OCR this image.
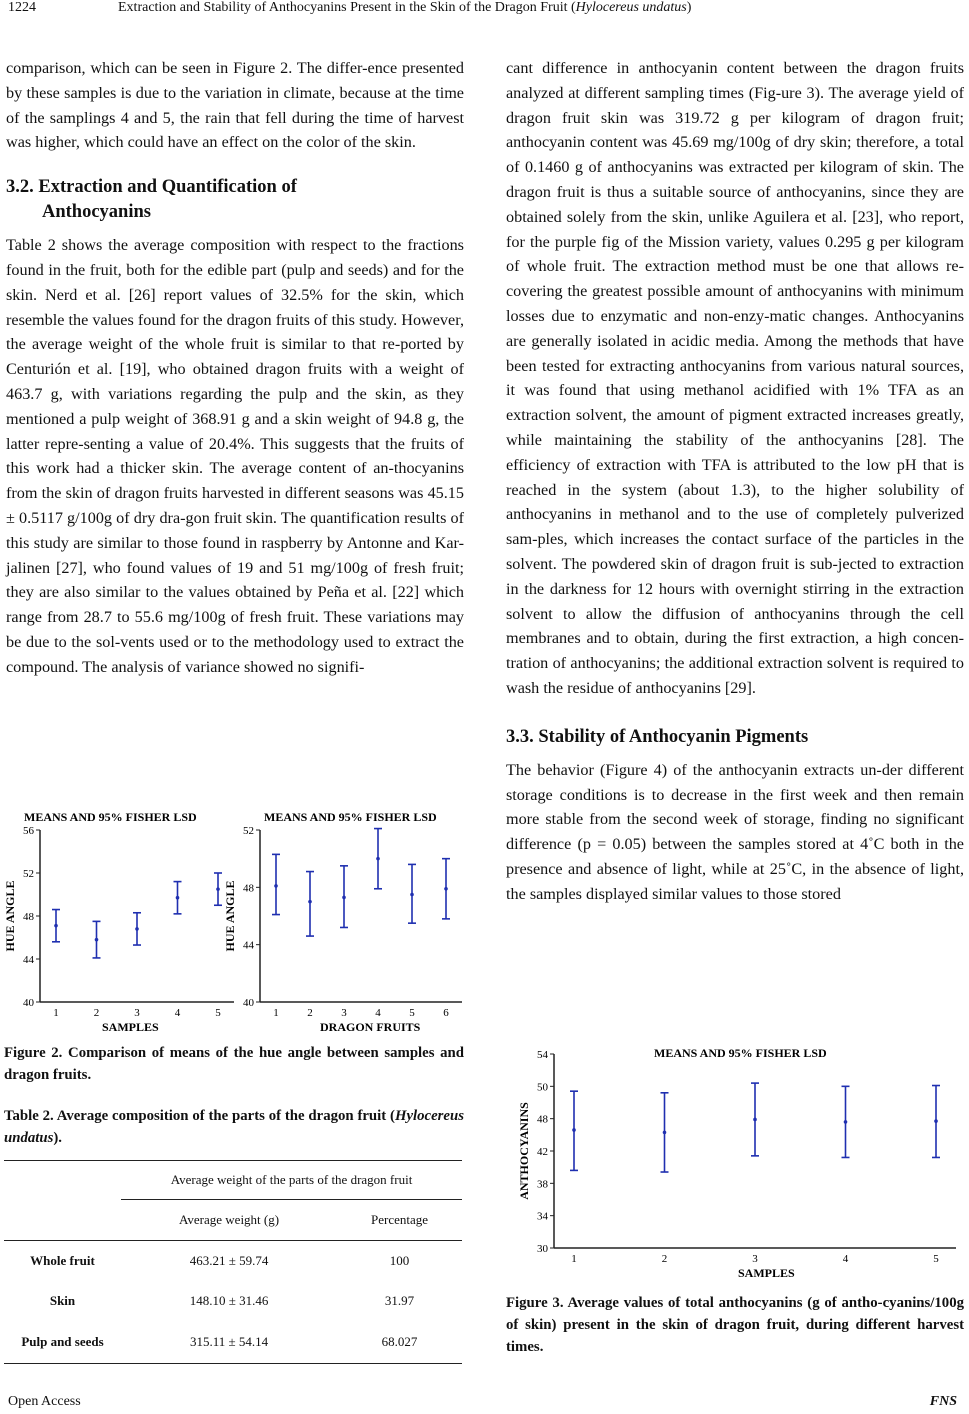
1224	Extraction and Stability of Anthocyanins Present in the Skin of the Dragon Fruit (Hylocereus undatus)

comparison, which can be seen in Figure 2. The differ-ence presented by these samples is due to the variation in climate, because at the time of the samplings 4 and 5, the rain that fell during the time of harvest was higher, which could have an effect on the color of the skin.

3.2. Extraction and Quantification of
Anthocyanins

Table 2 shows the average composition with respect to the fractions found in the fruit, both for the edible part (pulp and seeds) and for the skin. Nerd et al. [26] report values of 32.5% for the skin, which resemble the values found for the dragon fruits of this study. However, the average weight of the whole fruit is similar to that re-ported by Centurión et al. [19], who obtained dragon fruits with a weight of 463.7 g, with variations regarding the pulp and the skin, as they mentioned a pulp weight of 368.91 g and a skin weight of 94.8 g, the latter repre-senting a value of 20.4%. This suggests that the fruits of this work had a thicker skin. The average content of an-thocyanins from the skin of dragon fruits harvested in different seasons was 45.15 ± 0.5117 g/100g of dry dra-gon fruit skin. The quantification results of this study are similar to those found in raspberry by Antonne and Kar-jalinen [27], who found values of 19 and 51 mg/100g of fresh fruit; they are also similar to the values obtained by Peña et al. [22] which range from 28.7 to 55.6 mg/100g of fresh fruit. These variations may be due to the sol-vents used or to the methodology used to extract the compound. The analysis of variance showed no signifi-

MEANS AND 95% FISHER LSD
40
44
48
52
56
1	2	3	4	5
SAMPLES
HUE ANGLE
MEANS AND 95% FISHER LSD
40
44
48
52
1	2	3	4	5	6
DRAGON FRUITS
HUE ANGLE
Figure 2. Comparison of means of the hue angle between samples and dragon fruits.
Table 2. Average composition of the parts of the dragon fruit (Hylocereus undatus).
	Average weight of the parts of the dragon fruit	
	Average weight (g)	Percentage
Whole fruit	463.21 ± 59.74	100
Skin	148.10 ± 31.46	31.97
Pulp and seeds	315.11 ± 54.14	68.027

cant difference in anthocyanin content between the dragon fruits analyzed at different sampling times (Fig-ure 3). The average yield of dragon fruit skin was 319.72 g per kilogram of dragon fruit; anthocyanin content was 45.69 mg/100g of dry skin; therefore, a total of 0.1460 g of anthocyanins was extracted per kilogram of skin. The dragon fruit is thus a suitable source of anthocyanins, since they are obtained solely from the skin, unlike Aguilera et al. [23], who report, for the purple fig of the Mission variety, values 0.295 g per kilogram of whole fruit. The extraction method must be one that allows re-covering the greatest possible amount of anthocyanins with minimum losses due to enzymatic and non-enzy-matic changes. Anthocyanins are generally isolated in acidic media. Among the methods that have been tested for extracting anthocyanins from various natural sources, it was found that using methanol acidified with 1% TFA as an extraction solvent, the amount of pigment extracted increases greatly, while maintaining the stability of the anthocyanins [28]. The efficiency of extraction with TFA is attributed to the low pH that is reached in the system (about 1.3), to the higher solubility of anthocyanins in methanol and to the use of completely pulverized sam-ples, which increases the contact surface of the particles in the solvent. The powdered skin of dragon fruit is sub-jected to extraction in the darkness for 12 hours with overnight stirring in the extraction solvent to allow the diffusion of anthocyanins through the cell membranes and to obtain, during the first extraction, a high concen-tration of anthocyanins; the additional extraction solvent is required to wash the residue of anthocyanins [29].

3.3. Stability of Anthocyanin Pigments

The behavior (Figure 4) of the anthocyanin extracts un-der different storage conditions is to decrease in the first week and then remain more stable from the second week of storage, finding no significant difference (p = 0.05) between the samples stored at 4˚C both in the presence and absence of light, while at 25˚C, in the absence of light, the samples displayed similar values to those stored

MEANS AND 95% FISHER LSD
30
34
38
42
48
50
54
1	2	3	4	5
SAMPLES
ANTHOCYANINS
Figure 3. Average values of total anthocyanins (g of antho-cyanins/100g of skin) present in the skin of dragon fruit, during different harvest times.
Open Access	FNS
